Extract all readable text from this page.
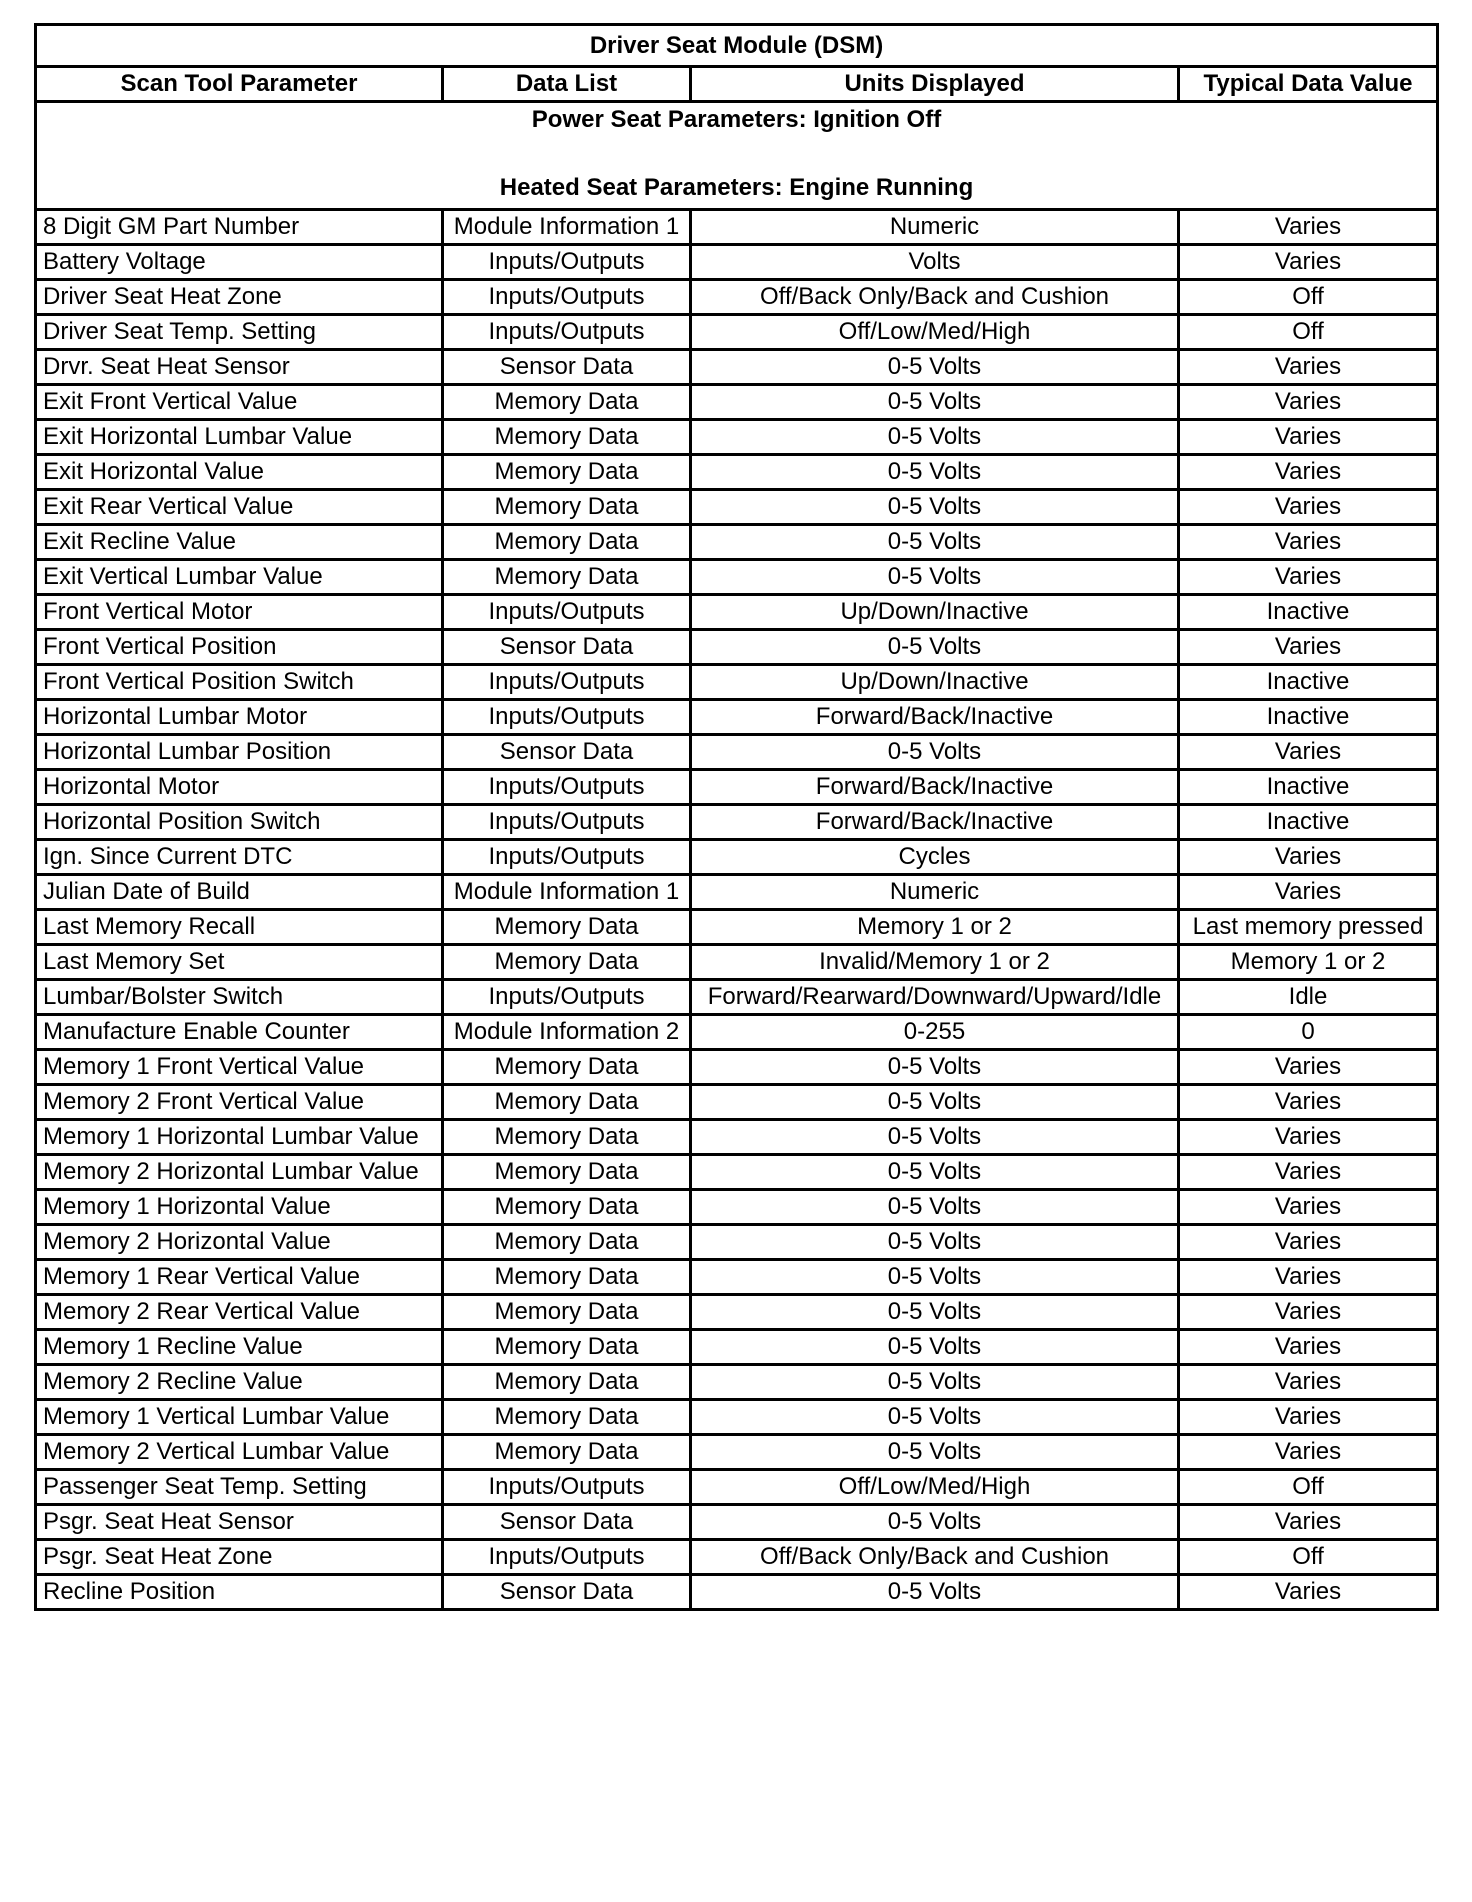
Driver Seat Module (DSM)			
Scan Tool Parameter	Data List	Units Displayed	Typical Data Value

Power Seat Parameters: Ignition Off
Heated Seat Parameters: Engine Running			

8 Digit GM Part Number	Module Information 1	Numeric	Varies
Battery Voltage	Inputs/Outputs	Volts	Varies
Driver Seat Heat Zone	Inputs/Outputs	Off/Back Only/Back and Cushion	Off
Driver Seat Temp. Setting	Inputs/Outputs	Off/Low/Med/High	Off
Drvr. Seat Heat Sensor	Sensor Data	0-5 Volts	Varies
Exit Front Vertical Value	Memory Data	0-5 Volts	Varies
Exit Horizontal Lumbar Value	Memory Data	0-5 Volts	Varies
Exit Horizontal Value	Memory Data	0-5 Volts	Varies
Exit Rear Vertical Value	Memory Data	0-5 Volts	Varies
Exit Recline Value	Memory Data	0-5 Volts	Varies
Exit Vertical Lumbar Value	Memory Data	0-5 Volts	Varies
Front Vertical Motor	Inputs/Outputs	Up/Down/Inactive	Inactive
Front Vertical Position	Sensor Data	0-5 Volts	Varies
Front Vertical Position Switch	Inputs/Outputs	Up/Down/Inactive	Inactive
Horizontal Lumbar Motor	Inputs/Outputs	Forward/Back/Inactive	Inactive
Horizontal Lumbar Position	Sensor Data	0-5 Volts	Varies
Horizontal Motor	Inputs/Outputs	Forward/Back/Inactive	Inactive
Horizontal Position Switch	Inputs/Outputs	Forward/Back/Inactive	Inactive
Ign. Since Current DTC	Inputs/Outputs	Cycles	Varies
Julian Date of Build	Module Information 1	Numeric	Varies
Last Memory Recall	Memory Data	Memory 1 or 2	Last memory pressed
Last Memory Set	Memory Data	Invalid/Memory 1 or 2	Memory 1 or 2
Lumbar/Bolster Switch	Inputs/Outputs	Forward/Rearward/Downward/Upward/Idle	Idle
Manufacture Enable Counter	Module Information 2	0-255	0
Memory 1 Front Vertical Value	Memory Data	0-5 Volts	Varies
Memory 2 Front Vertical Value	Memory Data	0-5 Volts	Varies
Memory 1 Horizontal Lumbar Value	Memory Data	0-5 Volts	Varies
Memory 2 Horizontal Lumbar Value	Memory Data	0-5 Volts	Varies
Memory 1 Horizontal Value	Memory Data	0-5 Volts	Varies
Memory 2 Horizontal Value	Memory Data	0-5 Volts	Varies
Memory 1 Rear Vertical Value	Memory Data	0-5 Volts	Varies
Memory 2 Rear Vertical Value	Memory Data	0-5 Volts	Varies
Memory 1 Recline Value	Memory Data	0-5 Volts	Varies
Memory 2 Recline Value	Memory Data	0-5 Volts	Varies
Memory 1 Vertical Lumbar Value	Memory Data	0-5 Volts	Varies
Memory 2 Vertical Lumbar Value	Memory Data	0-5 Volts	Varies
Passenger Seat Temp. Setting	Inputs/Outputs	Off/Low/Med/High	Off
Psgr. Seat Heat Sensor	Sensor Data	0-5 Volts	Varies
Psgr. Seat Heat Zone	Inputs/Outputs	Off/Back Only/Back and Cushion	Off
Recline Position	Sensor Data	0-5 Volts	Varies
